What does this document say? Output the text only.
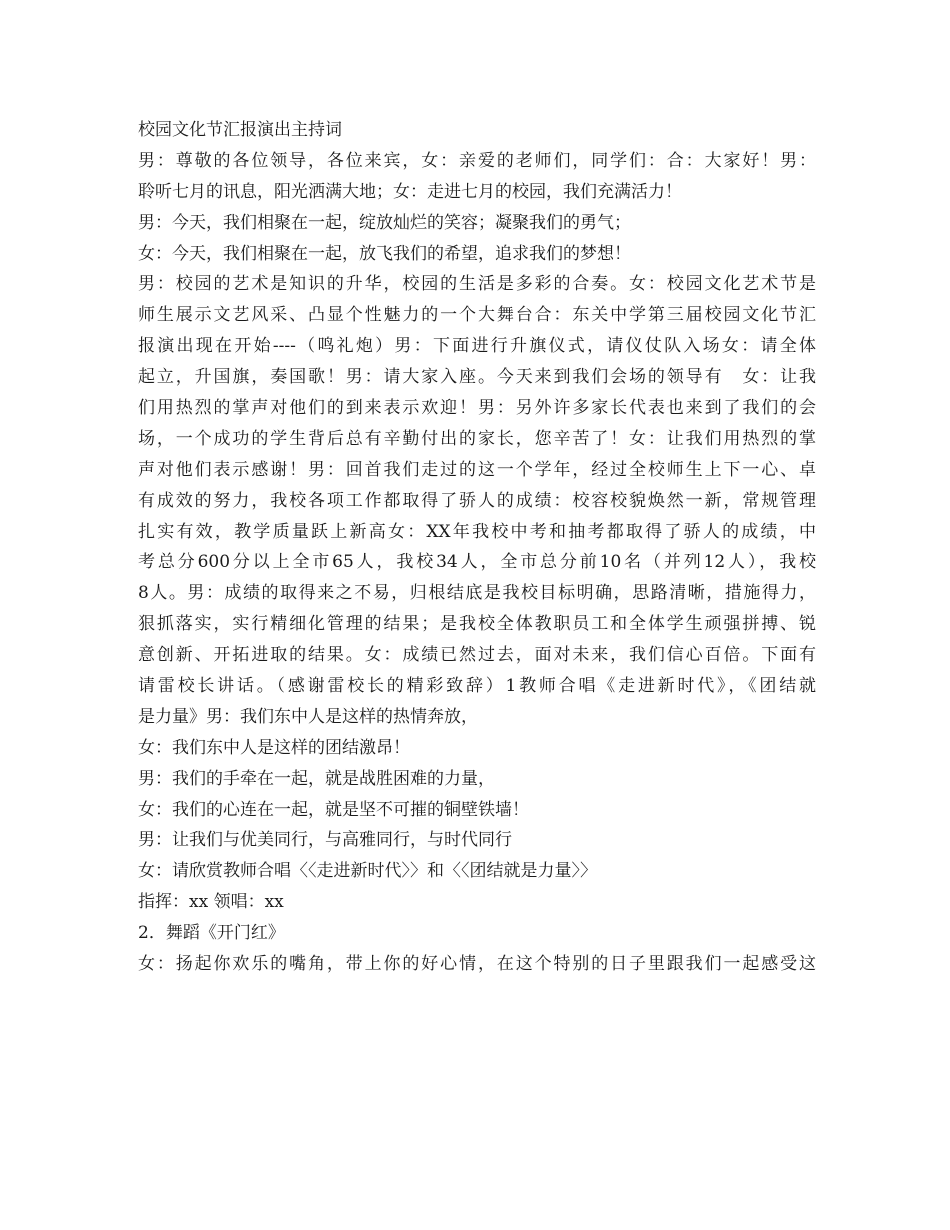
校园文化节汇报演出主持词
男：尊敬的各位领导，各位来宾，女：亲爱的老师们，同学们：合：大家好！男：
聆听七月的讯息，阳光洒满大地；女：走进七月的校园，我们充满活力！
男：今天，我们相聚在一起，绽放灿烂的笑容；凝聚我们的勇气；
女：今天，我们相聚在一起，放飞我们的希望，追求我们的梦想！
男：校园的艺术是知识的升华，校园的生活是多彩的合奏。女：校园文化艺术节是
师生展示文艺风采、凸显个性魅力的一个大舞台合：东关中学第三届校园文化节汇
报演出现在开始----（鸣礼炮）男：下面进行升旗仪式，请仪仗队入场女：请全体
起立，升国旗，奏国歌！男：请大家入座。今天来到我们会场的领导有　女：让我
们用热烈的掌声对他们的到来表示欢迎！男：另外许多家长代表也来到了我们的会
场，一个成功的学生背后总有辛勤付出的家长，您辛苦了！女：让我们用热烈的掌
声对他们表示感谢！男：回首我们走过的这一个学年，经过全校师生上下一心、卓
有成效的努力，我校各项工作都取得了骄人的成绩：校容校貌焕然一新，常规管理
扎实有效，教学质量跃上新高女：XX年我校中考和抽考都取得了骄人的成绩，中
考总分600分以上全市65人，我校34人，全市总分前10名（并列12人），我校
8人。男：成绩的取得来之不易，归根结底是我校目标明确，思路清晰，措施得力，
狠抓落实，实行精细化管理的结果；是我校全体教职员工和全体学生顽强拼搏、锐
意创新、开拓进取的结果。女：成绩已然过去，面对未来，我们信心百倍。下面有
请雷校长讲话。（感谢雷校长的精彩致辞）1教师合唱《走进新时代》，《团结就
是力量》男：我们东中人是这样的热情奔放，
女：我们东中人是这样的团结激昂！
男：我们的手牵在一起，就是战胜困难的力量，
女：我们的心连在一起，就是坚不可摧的铜壁铁墙！
男：让我们与优美同行，与高雅同行，与时代同行
女：请欣赏教师合唱〈〈走进新时代〉〉和〈〈团结就是力量〉〉
指挥：xx 领唱：xx
2．舞蹈《开门红》
女：扬起你欢乐的嘴角，带上你的好心情，在这个特别的日子里跟我们一起感受这
